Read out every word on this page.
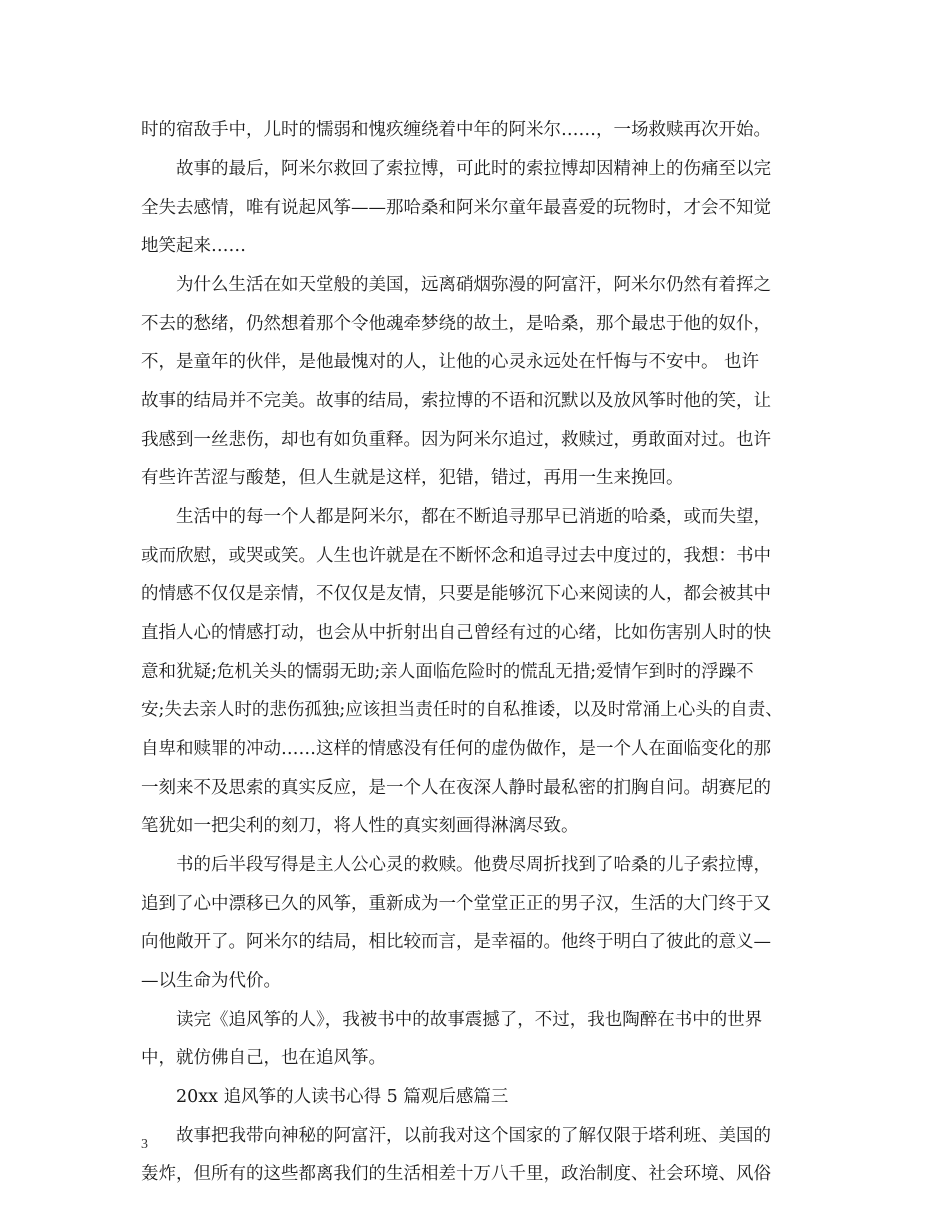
时的宿敌手中，儿时的懦弱和愧疚缠绕着中年的阿米尔……，一场救赎再次开始。
故事的最后，阿米尔救回了索拉博，可此时的索拉博却因精神上的伤痛至以完
全失去感情，唯有说起风筝——那哈桑和阿米尔童年最喜爱的玩物时，才会不知觉
地笑起来……
为什么生活在如天堂般的美国，远离硝烟弥漫的阿富汗，阿米尔仍然有着挥之
不去的愁绪，仍然想着那个令他魂牵梦绕的故土，是哈桑，那个最忠于他的奴仆，
不，是童年的伙伴，是他最愧对的人，让他的心灵永远处在忏悔与不安中。 也许
故事的结局并不完美。故事的结局，索拉博的不语和沉默以及放风筝时他的笑，让
我感到一丝悲伤，却也有如负重释。因为阿米尔追过，救赎过，勇敢面对过。也许
有些许苦涩与酸楚，但人生就是这样，犯错，错过，再用一生来挽回。
生活中的每一个人都是阿米尔，都在不断追寻那早已消逝的哈桑，或而失望，
或而欣慰，或哭或笑。人生也许就是在不断怀念和追寻过去中度过的，我想：书中
的情感不仅仅是亲情，不仅仅是友情，只要是能够沉下心来阅读的人，都会被其中
直指人心的情感打动，也会从中折射出自己曾经有过的心绪，比如伤害别人时的快
意和犹疑;危机关头的懦弱无助;亲人面临危险时的慌乱无措;爱情乍到时的浮躁不
安;失去亲人时的悲伤孤独;应该担当责任时的自私推诿，以及时常涌上心头的自责、
自卑和赎罪的冲动……这样的情感没有任何的虚伪做作，是一个人在面临变化的那
一刻来不及思索的真实反应，是一个人在夜深人静时最私密的扪胸自问。胡赛尼的
笔犹如一把尖利的刻刀，将人性的真实刻画得淋漓尽致。
书的后半段写得是主人公心灵的救赎。他费尽周折找到了哈桑的儿子索拉博，
追到了心中漂移已久的风筝，重新成为一个堂堂正正的男子汉，生活的大门终于又
向他敞开了。阿米尔的结局，相比较而言，是幸福的。他终于明白了彼此的意义—
—以生命为代价。
读完《追风筝的人》，我被书中的故事震撼了，不过，我也陶醉在书中的世界
中，就仿佛自己，也在追风筝。
20xx 追风筝的人读书心得 5 篇观后感篇三
故事把我带向神秘的阿富汗，以前我对这个国家的了解仅限于塔利班、美国的
轰炸，但所有的这些都离我们的生活相差十万八千里，政治制度、社会环境、风俗
3
